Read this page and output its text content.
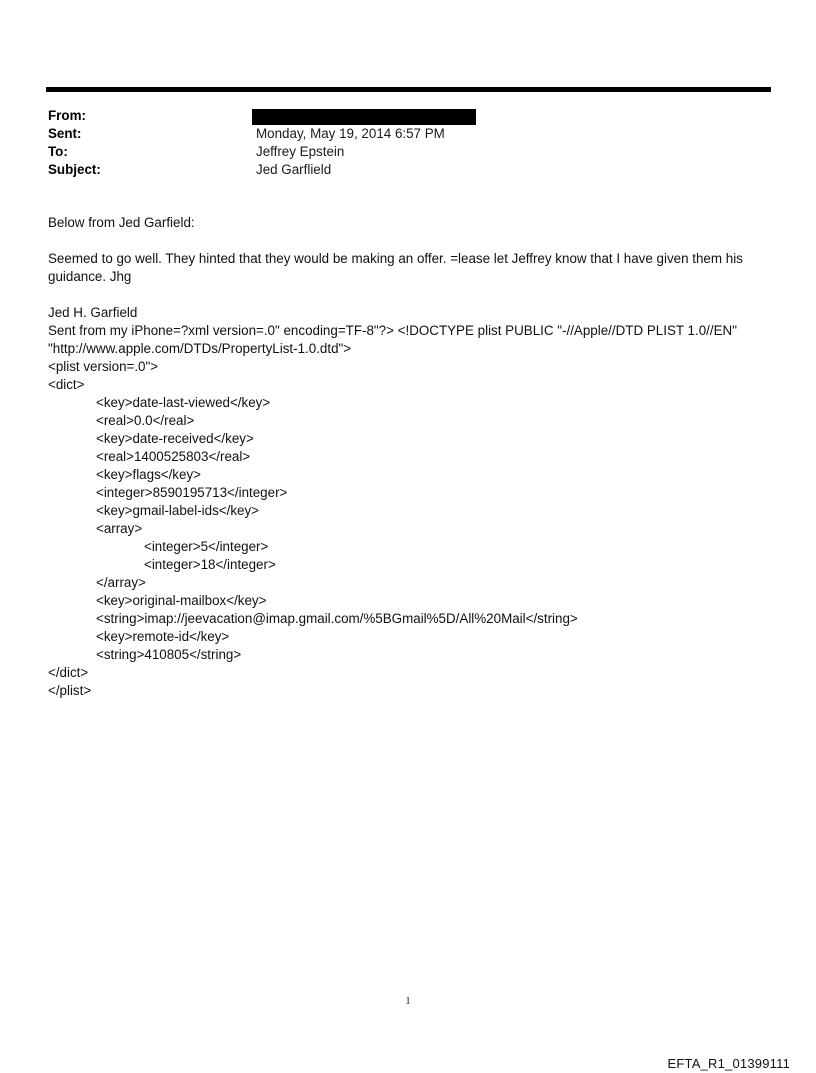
From:
Sent:	Monday, May 19, 2014 6:57 PM
To:	Jeffrey Epstein
Subject:	Jed Garflield

Below from Jed Garfield:

Seemed to go well. They hinted that they would be making an offer. =lease let Jeffrey know that I have given them his

guidance. Jhg

Jed H. Garfield

Sent from my iPhone=?xml version=.0" encoding=TF-8"?> <!DOCTYPE plist PUBLIC "-//Apple//DTD PLIST 1.0//EN"

"http://www.apple.com/DTDs/PropertyList-1.0.dtd">

<plist version=.0">

<dict>

<key>date-last-viewed</key>

<real>0.0</real>

<key>date-received</key>

<real>1400525803</real>

<key>flags</key>

<integer>8590195713</integer>

<key>gmail-label-ids</key>

<array>

<integer>5</integer>

<integer>18</integer>

</array>

<key>original-mailbox</key>

<string>imap://jeevacation@imap.gmail.com/%5BGmail%5D/All%20Mail</string>

<key>remote-id</key>

<string>410805</string>

</dict>

</plist>

1
EFTA_R1_01399111
